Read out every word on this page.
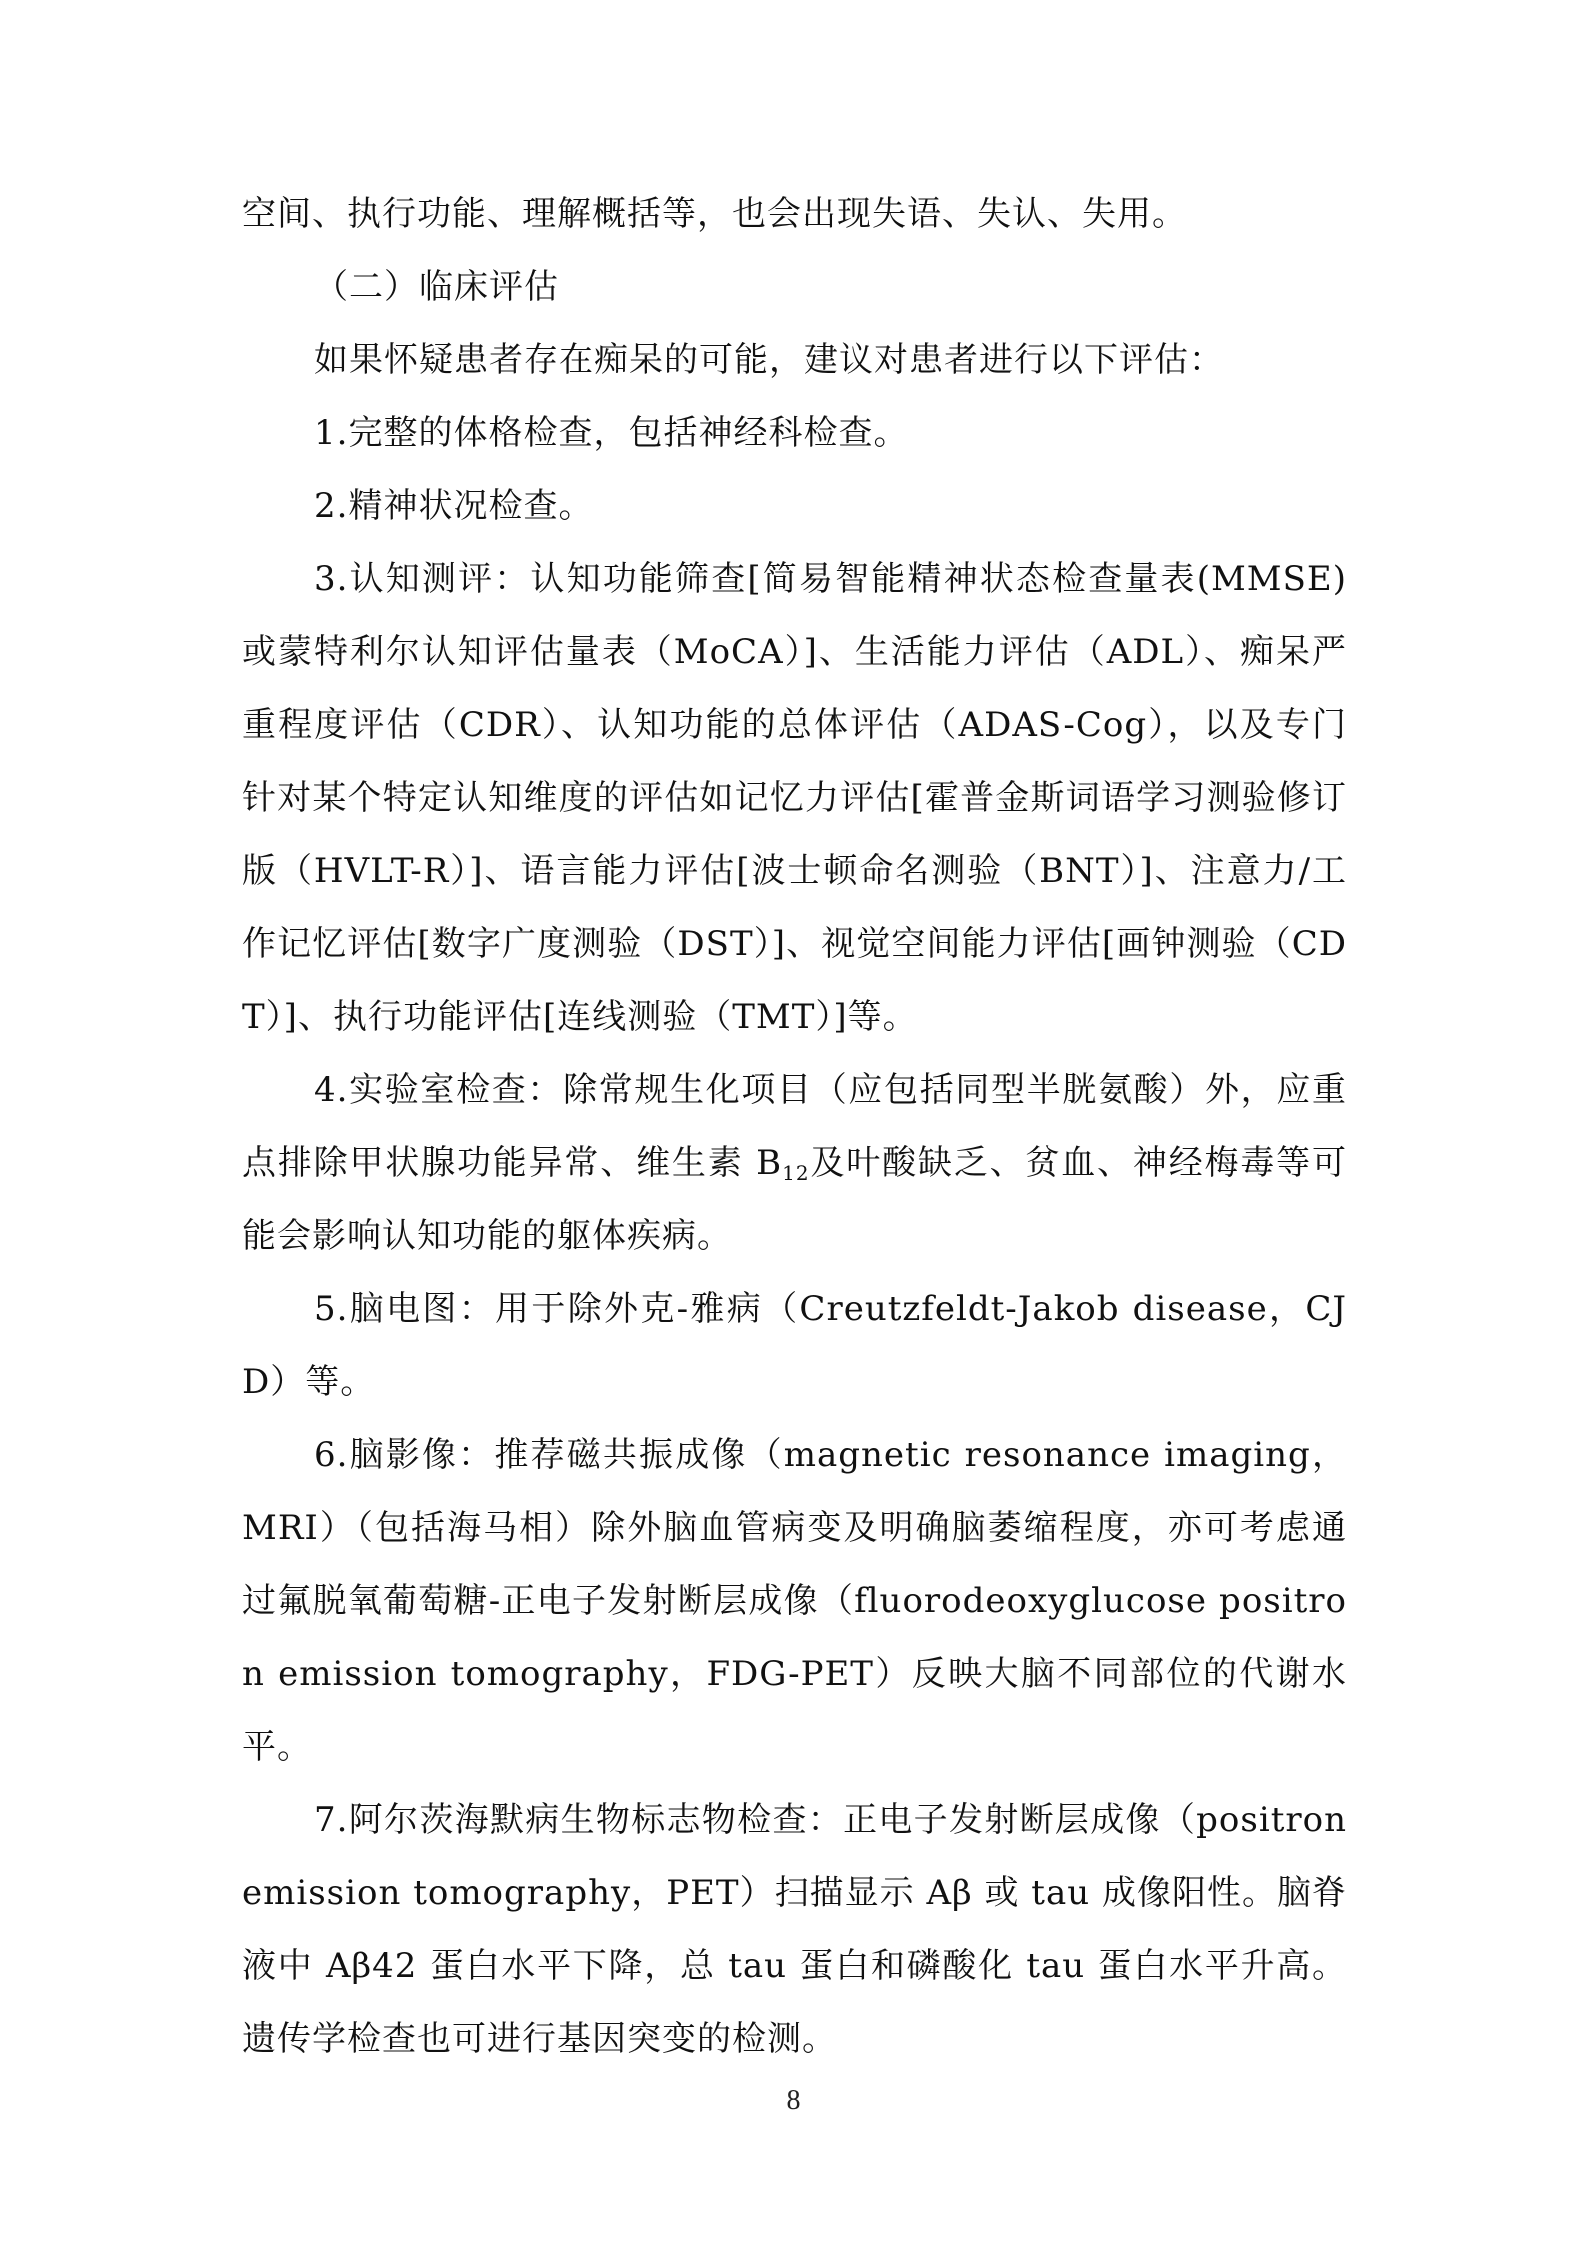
空间、执行功能、理解概括等，也会出现失语、失认、失用。

（二）临床评估

如果怀疑患者存在痴呆的可能，建议对患者进行以下评估：

1.完整的体格检查，包括神经科检查。

2.精神状况检查。

3.认知测评：认知功能筛查[简易智能精神状态检查量表(MMSE)或蒙特利尔认知评估量表（MoCA）]、生活能力评估（ADL）、痴呆严重程度评估（CDR）、认知功能的总体评估（ADAS-Cog），以及专门针对某个特定认知维度的评估如记忆力评估[霍普金斯词语学习测验修订版（HVLT-R）]、语言能力评估[波士顿命名测验（BNT）]、注意力/工作记忆评估[数字广度测验（DST）]、视觉空间能力评估[画钟测验（CDT）]、执行功能评估[连线测验（TMT）]等。

4.实验室检查：除常规生化项目（应包括同型半胱氨酸）外，应重点排除甲状腺功能异常、维生素 $B_{12}$及叶酸缺乏、贫血、神经梅毒等可能会影响认知功能的躯体疾病。

5.脑电图：用于除外克-雅病（Creutzfeldt-Jakob disease，CJD）等。

6.脑影像：推荐磁共振成像（magnetic resonance imaging，MRI）（包括海马相）除外脑血管病变及明确脑萎缩程度，亦可考虑通过氟脱氧葡萄糖-正电子发射断层成像（fluorodeoxyglucose positron emission tomography，FDG-PET）反映大脑不同部位的代谢水平。

7.阿尔茨海默病生物标志物检查：正电子发射断层成像（positron emission tomography，PET）扫描显示 Aβ 或 tau 成像阳性。脑脊液中 Aβ42 蛋白水平下降，总 tau 蛋白和磷酸化 tau 蛋白水平升高。遗传学检查也可进行基因突变的检测。

8
